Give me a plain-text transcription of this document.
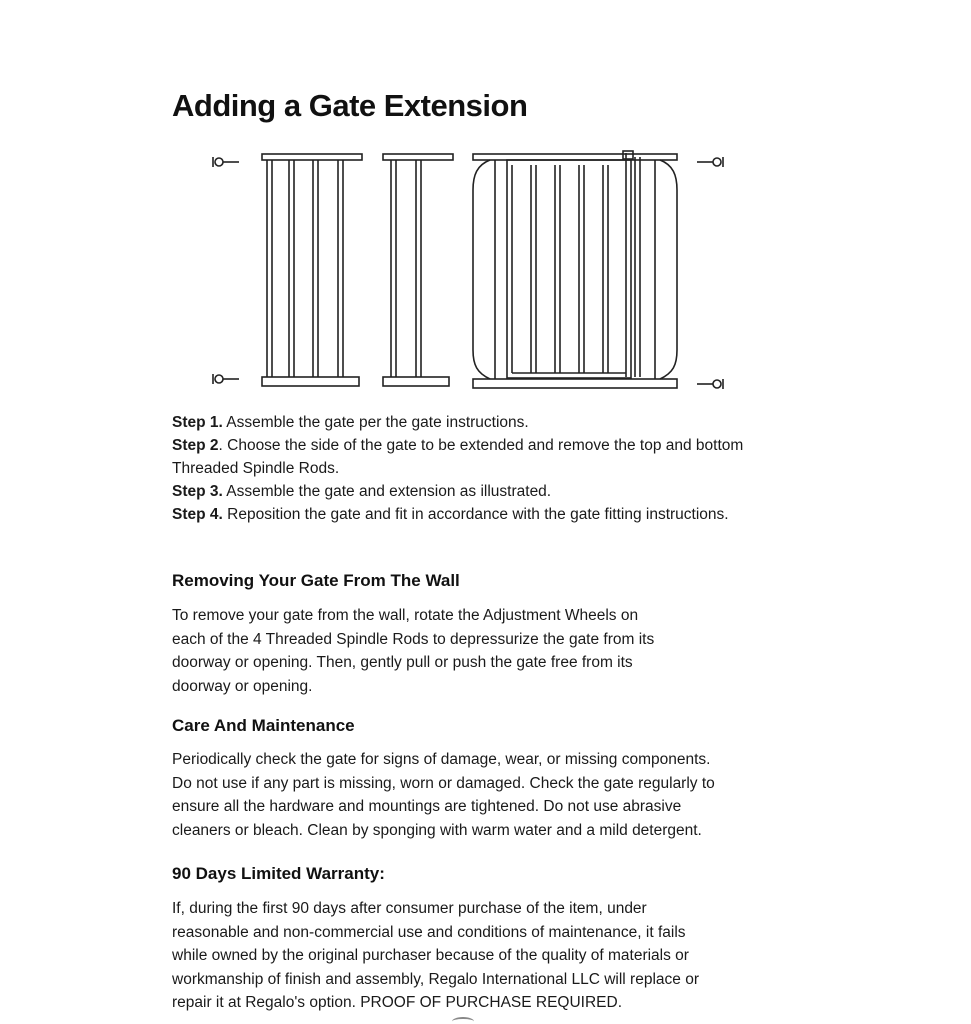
Adding a Gate Extension

Step 1. Assemble the gate per the gate instructions.

Step 2. Choose the side of the gate to be extended and remove the top and bottom Threaded Spindle Rods.

Step 3. Assemble the gate and extension as illustrated.

Step 4. Reposition the gate and fit in accordance with the gate fitting instructions.

Removing Your Gate From The Wall

To remove your gate from the wall, rotate the Adjustment Wheels on
each of the 4 Threaded Spindle Rods to depressurize the gate from its
doorway or opening. Then, gently pull or push the gate free from its
doorway or opening.

Care And Maintenance

Periodically check the gate for signs of damage, wear, or missing components.
Do not use if any part is missing, worn or damaged. Check the gate regularly to
ensure all the hardware and mountings are tightened. Do not use abrasive
cleaners or bleach. Clean by sponging with warm water and a mild detergent.

90 Days Limited Warranty:

If, during the first 90 days after consumer purchase of the item, under
reasonable and non-commercial use and conditions of maintenance, it fails
while owned by the original purchaser because of the quality of materials or
workmanship of finish and assembly, Regalo International LLC will replace or
repair it at Regalo's option. PROOF OF PURCHASE REQUIRED.
